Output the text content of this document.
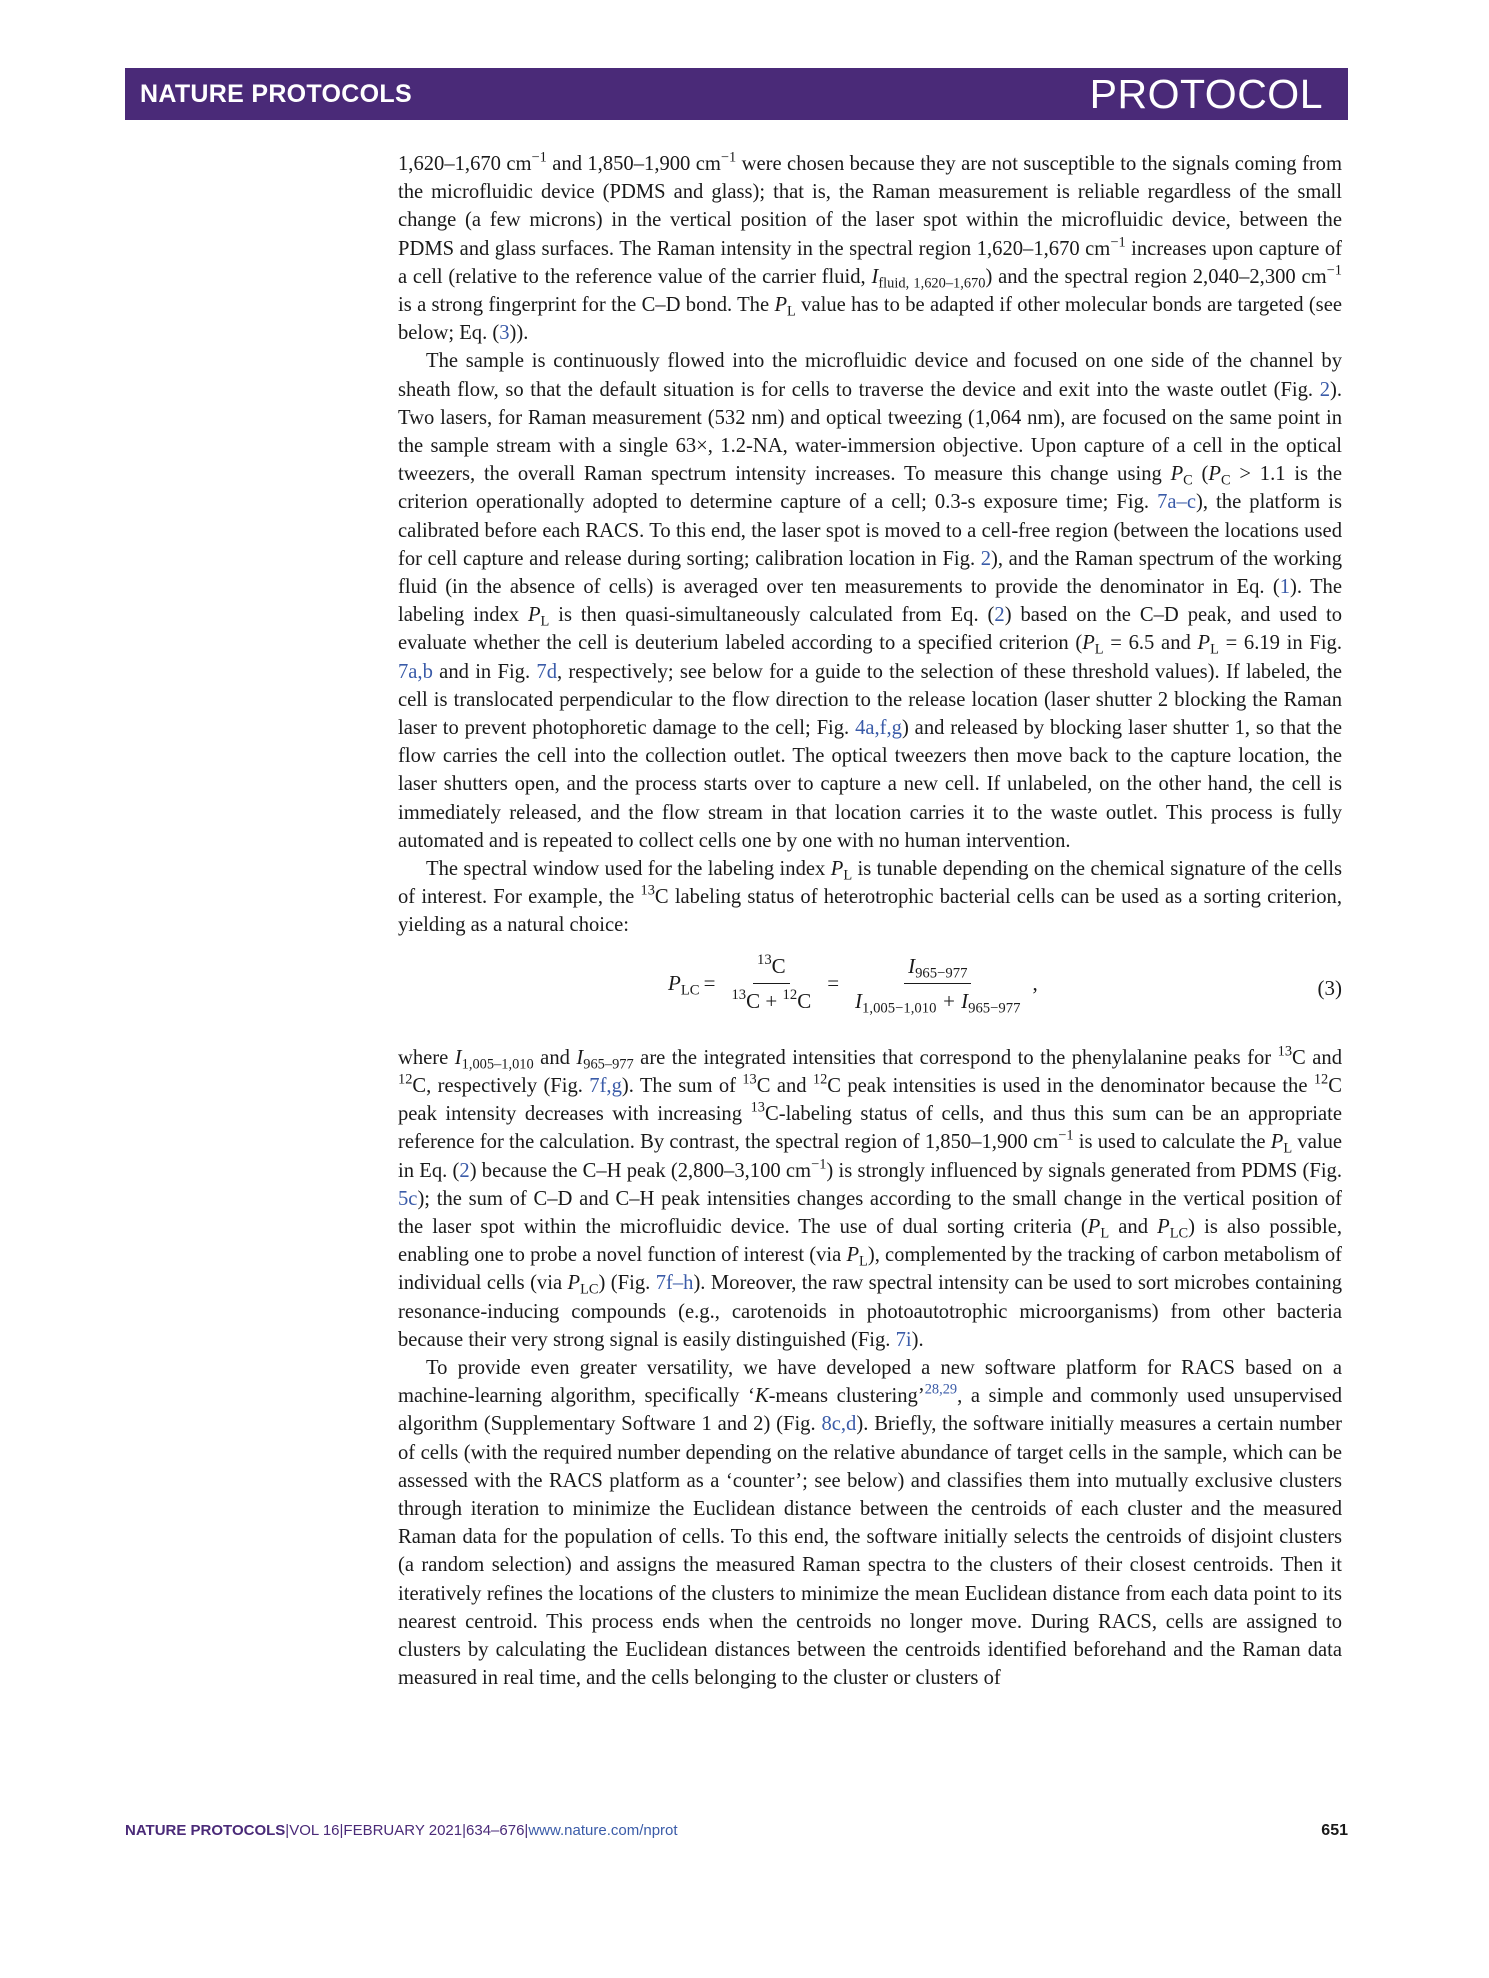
NATURE PROTOCOLS	PROTOCOL

1,620–1,670 $cm^{-1}$ and 1,850–1,900 $cm^{-1}$ were chosen because they are not susceptible to the signals coming from the microfluidic device (PDMS and glass); that is, the Raman measurement is reliable regardless of the small change (a few microns) in the vertical position of the laser spot within the microfluidic device, between the PDMS and glass surfaces. The Raman intensity in the spectral region 1,620–1,670 $cm^{-1}$ increases upon capture of a cell (relative to the reference value of the carrier fluid, $I_{fluid, 1,620-1,670}$) and the spectral region 2,040–2,300 $cm^{-1}$ is a strong fingerprint for the C–D bond. The $P_L$ value has to be adapted if other molecular bonds are targeted (see below; Eq. (3)).

The sample is continuously flowed into the microfluidic device and focused on one side of the channel by sheath flow, so that the default situation is for cells to traverse the device and exit into the waste outlet (Fig. 2). Two lasers, for Raman measurement (532 nm) and optical tweezing (1,064 nm), are focused on the same point in the sample stream with a single 63×, 1.2-NA, water-immersion objective. Upon capture of a cell in the optical tweezers, the overall Raman spectrum intensity increases. To measure this change using $P_C$ ($P_C > 1.1$ is the criterion operationally adopted to determine capture of a cell; 0.3-s exposure time; Fig. 7a–c), the platform is calibrated before each RACS. To this end, the laser spot is moved to a cell-free region (between the locations used for cell capture and release during sorting; calibration location in Fig. 2), and the Raman spectrum of the working fluid (in the absence of cells) is averaged over ten measurements to provide the denominator in Eq. (1). The labeling index $P_L$ is then quasi-simultaneously calculated from Eq. (2) based on the C–D peak, and used to evaluate whether the cell is deuterium labeled according to a specified criterion ($P_L = 6.5$ and $P_L = 6.19$ in Fig. 7a,b and in Fig. 7d, respectively; see below for a guide to the selection of these threshold values). If labeled, the cell is translocated perpendicular to the flow direction to the release location (laser shutter 2 blocking the Raman laser to prevent photophoretic damage to the cell; Fig. 4a,f,g) and released by blocking laser shutter 1, so that the flow carries the cell into the collection outlet. The optical tweezers then move back to the capture location, the laser shutters open, and the process starts over to capture a new cell. If unlabeled, on the other hand, the cell is immediately released, and the flow stream in that location carries it to the waste outlet. This process is fully automated and is repeated to collect cells one by one with no human intervention.

The spectral window used for the labeling index $P_L$ is tunable depending on the chemical signature of the cells of interest. For example, the $^{13}$C labeling status of heterotrophic bacterial cells can be used as a sorting criterion, yielding as a natural choice:

$P_{LC} = \frac{^{13}C}{^{13}C + ^{12}C} = \frac{I_{965-977}}{I_{1,005-1,010} + I_{965-977}}$ ,	(3)

where $I_{1,005-1,010}$ and $I_{965-977}$ are the integrated intensities that correspond to the phenylalanine peaks for $^{13}$C and $^{12}$C, respectively (Fig. 7f,g). The sum of $^{13}$C and $^{12}$C peak intensities is used in the denominator because the $^{12}$C peak intensity decreases with increasing $^{13}$C-labeling status of cells, and thus this sum can be an appropriate reference for the calculation. By contrast, the spectral region of 1,850–1,900 $cm^{-1}$ is used to calculate the $P_L$ value in Eq. (2) because the C–H peak (2,800–3,100 $cm^{-1}$) is strongly influenced by signals generated from PDMS (Fig. 5c); the sum of C–D and C–H peak intensities changes according to the small change in the vertical position of the laser spot within the microfluidic device. The use of dual sorting criteria ($P_L$ and $P_{LC}$) is also possible, enabling one to probe a novel function of interest (via $P_L$), complemented by the tracking of carbon metabolism of individual cells (via $P_{LC}$) (Fig. 7f–h). Moreover, the raw spectral intensity can be used to sort microbes containing resonance-inducing compounds (e.g., carotenoids in photoautotrophic microorganisms) from other bacteria because their very strong signal is easily distinguished (Fig. 7i).

To provide even greater versatility, we have developed a new software platform for RACS based on a machine-learning algorithm, specifically ‘K-means clustering’$^{28,29}$, a simple and commonly used unsupervised algorithm (Supplementary Software 1 and 2) (Fig. 8c,d). Briefly, the software initially measures a certain number of cells (with the required number depending on the relative abundance of target cells in the sample, which can be assessed with the RACS platform as a ‘counter’; see below) and classifies them into mutually exclusive clusters through iteration to minimize the Euclidean distance between the centroids of each cluster and the measured Raman data for the population of cells. To this end, the software initially selects the centroids of disjoint clusters (a random selection) and assigns the measured Raman spectra to the clusters of their closest centroids. Then it iteratively refines the locations of the clusters to minimize the mean Euclidean distance from each data point to its nearest centroid. This process ends when the centroids no longer move. During RACS, cells are assigned to clusters by calculating the Euclidean distances between the centroids identified beforehand and the Raman data measured in real time, and the cells belonging to the cluster or clusters of

NATURE PROTOCOLS|VOL 16|FEBRUARY 2021|634–676|www.nature.com/nprot	651
